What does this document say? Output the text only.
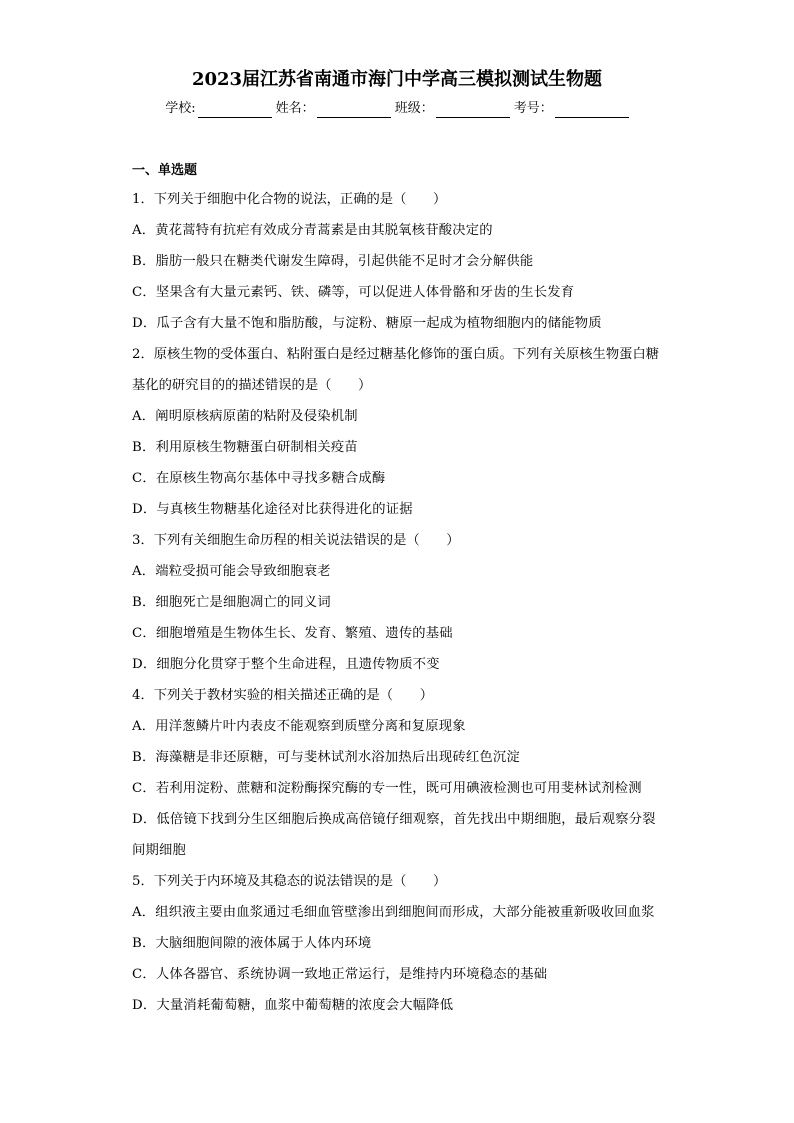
2023届江苏省南通市海门中学高三模拟测试生物题
学校:	姓名：	班级：	考号：
一、单选题

1．下列关于细胞中化合物的说法，正确的是（　　）

A．黄花蒿特有抗疟有效成分青蒿素是由其脱氧核苷酸决定的

B．脂肪一般只在糖类代谢发生障碍，引起供能不足时才会分解供能

C．坚果含有大量元素钙、铁、磷等，可以促进人体骨骼和牙齿的生长发育

D．瓜子含有大量不饱和脂肪酸，与淀粉、糖原一起成为植物细胞内的储能物质

2．原核生物的受体蛋白、粘附蛋白是经过糖基化修饰的蛋白质。下列有关原核生物蛋白糖基化的研究目的的描述错误的是（　　）

A．阐明原核病原菌的粘附及侵染机制

B．利用原核生物糖蛋白研制相关疫苗

C．在原核生物高尔基体中寻找多糖合成酶

D．与真核生物糖基化途径对比获得进化的证据

3．下列有关细胞生命历程的相关说法错误的是（　　）

A．端粒受损可能会导致细胞衰老

B．细胞死亡是细胞凋亡的同义词

C．细胞增殖是生物体生长、发育、繁殖、遗传的基础

D．细胞分化贯穿于整个生命进程，且遗传物质不变

4．下列关于教材实验的相关描述正确的是（　　）

A．用洋葱鳞片叶内表皮不能观察到质壁分离和复原现象

B．海藻糖是非还原糖，可与斐林试剂水浴加热后出现砖红色沉淀

C．若利用淀粉、蔗糖和淀粉酶探究酶的专一性，既可用碘液检测也可用斐林试剂检测

D．低倍镜下找到分生区细胞后换成高倍镜仔细观察，首先找出中期细胞，最后观察分裂间期细胞

5．下列关于内环境及其稳态的说法错误的是（　　）

A．组织液主要由血浆通过毛细血管壁渗出到细胞间而形成，大部分能被重新吸收回血浆

B．大脑细胞间隙的液体属于人体内环境

C．人体各器官、系统协调一致地正常运行，是维持内环境稳态的基础

D．大量消耗葡萄糖，血浆中葡萄糖的浓度会大幅降低
